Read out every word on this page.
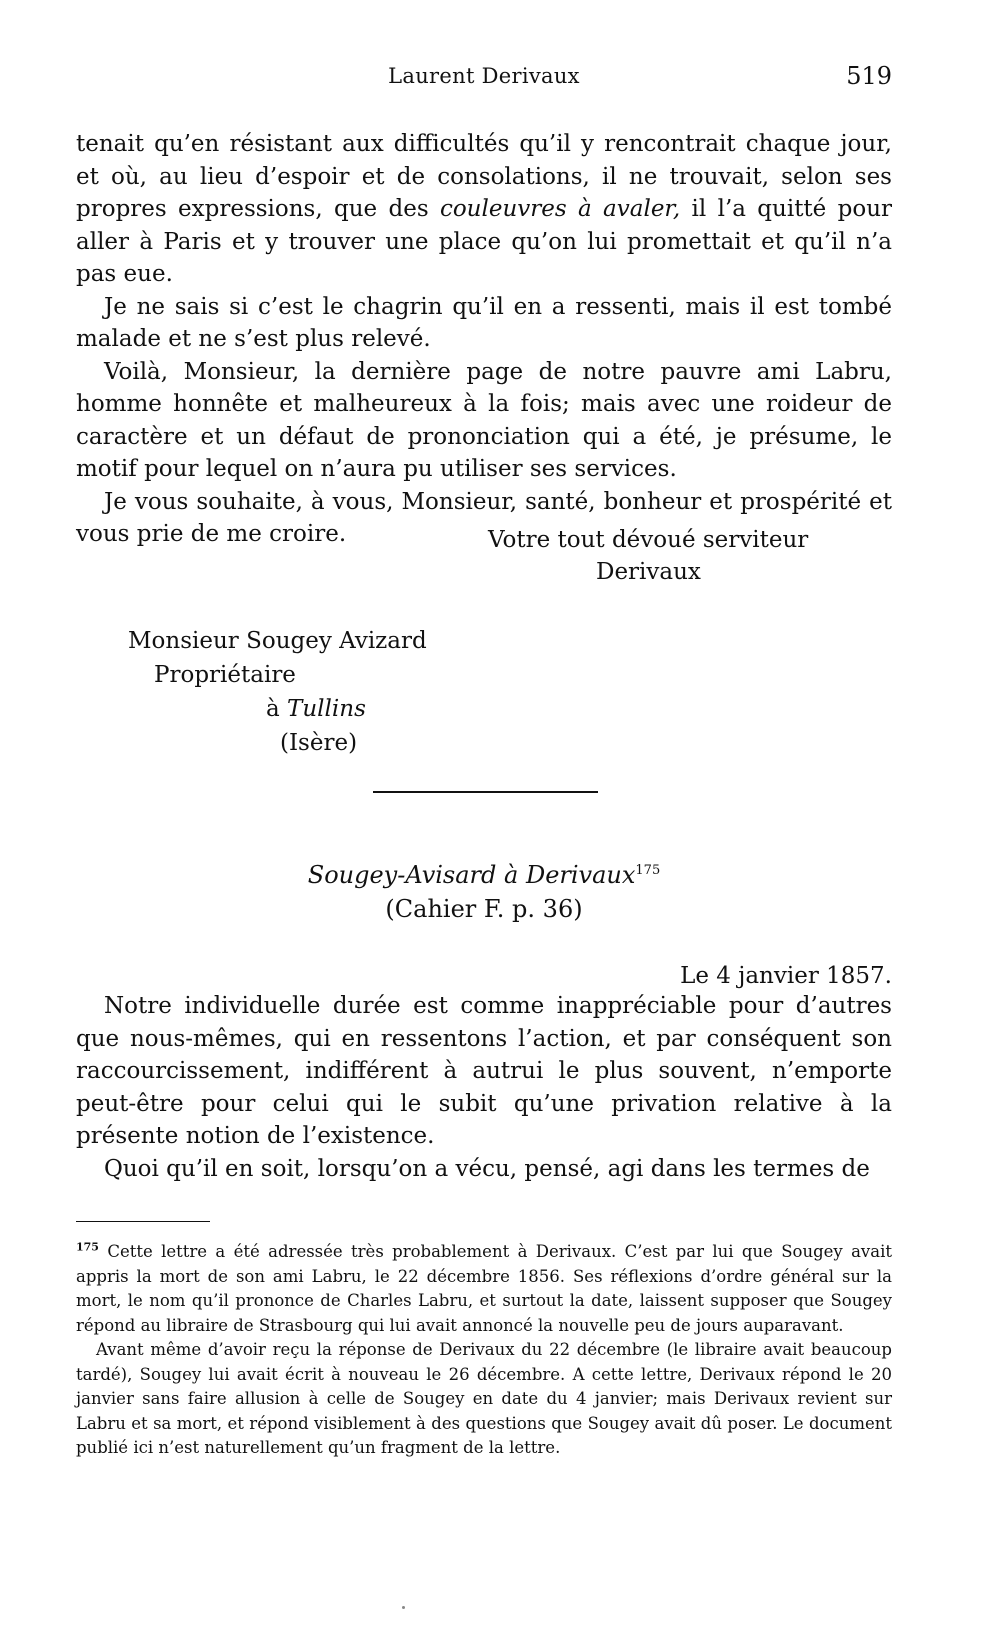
Laurent Derivaux	519

tenait qu’en résistant aux difficultés qu’il y rencontrait chaque jour, et où, au lieu d’espoir et de consolations, il ne trouvait, selon ses propres expressions, que des couleuvres à avaler, il l’a quitté pour aller à Paris et y trouver une place qu’on lui promettait et qu’il n’a pas eue.

Je ne sais si c’est le chagrin qu’il en a ressenti, mais il est tombé malade et ne s’est plus relevé.

Voilà, Monsieur, la dernière page de notre pauvre ami Labru, homme honnête et malheureux à la fois; mais avec une roideur de caractère et un défaut de prononciation qui a été, je présume, le motif pour lequel on n’aura pu utiliser ses services.

Je vous souhaite, à vous, Monsieur, santé, bonheur et prospérité et vous prie de me croire.	Votre tout dévoué serviteur
Derivaux
Monsieur Sougey Avizard
Propriétaire
à Tullins
(Isère)
Sougey-Avisard à Derivaux$^{175}$
(Cahier F. p. 36)
Le 4 janvier 1857.

Notre individuelle durée est comme inappréciable pour d’autres que nous-mêmes, qui en ressentons l’action, et par conséquent son raccourcissement, indifférent à autrui le plus souvent, n’emporte peut-être pour celui qui le subit qu’une privation relative à la présente notion de l’existence.

Quoi qu’il en soit, lorsqu’on a vécu, pensé, agi dans les termes de

$^{175}$ Cette lettre a été adressée très probablement à Derivaux. C’est par lui que Sougey avait appris la mort de son ami Labru, le 22 décembre 1856. Ses réflexions d’ordre général sur la mort, le nom qu’il prononce de Charles Labru, et surtout la date, laissent supposer que Sougey répond au libraire de Strasbourg qui lui avait annoncé la nouvelle peu de jours auparavant.

Avant même d’avoir reçu la réponse de Derivaux du 22 décembre (le libraire avait beaucoup tardé), Sougey lui avait écrit à nouveau le 26 décembre. A cette lettre, Derivaux répond le 20 janvier sans faire allusion à celle de Sougey en date du 4 janvier; mais Derivaux revient sur Labru et sa mort, et répond visiblement à des questions que Sougey avait dû poser. Le document publié ici n’est naturellement qu’un fragment de la lettre.
